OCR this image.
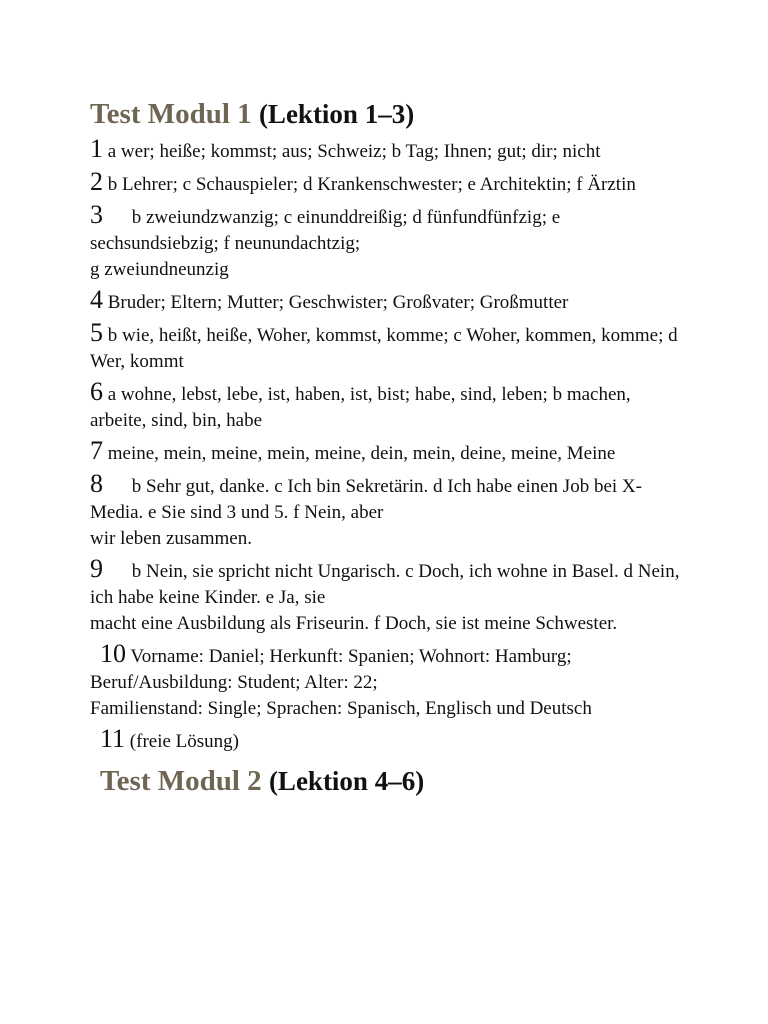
Test Modul 1 (Lektion 1–3)

1 a wer; heiße; kommst; aus; Schweiz; b Tag; Ihnen; gut; dir; nicht

2 b Lehrer; c Schauspieler; d Krankenschwester; e Architektin; f Ärztin

3 b zweiundzwanzig; c einunddreißig; d fünfundfünfzig; e sechsundsiebzig; f neunundachtzig;
g zweiundneunzig

4 Bruder; Eltern; Mutter; Geschwister; Großvater; Großmutter

5 b wie, heißt, heiße, Woher, kommst, komme; c Woher, kommen, komme; d Wer, kommt

6 a wohne, lebst, lebe, ist, haben, ist, bist; habe, sind, leben; b machen, arbeite, sind, bin, habe

7 meine, mein, meine, mein, meine, dein, mein, deine, meine, Meine

8 b Sehr gut, danke. c Ich bin Sekretärin. d Ich habe einen Job bei X-Media. e Sie sind 3 und 5. f Nein, aber
wir leben zusammen.

9 b Nein, sie spricht nicht Ungarisch. c Doch, ich wohne in Basel. d Nein, ich habe keine Kinder. e Ja, sie
macht eine Ausbildung als Friseurin. f Doch, sie ist meine Schwester.

10 Vorname: Daniel; Herkunft: Spanien; Wohnort: Hamburg; Beruf/Ausbildung: Student; Alter: 22;
Familienstand: Single; Sprachen: Spanisch, Englisch und Deutsch

11 (freie Lösung)

Test Modul 2 (Lektion 4–6)
